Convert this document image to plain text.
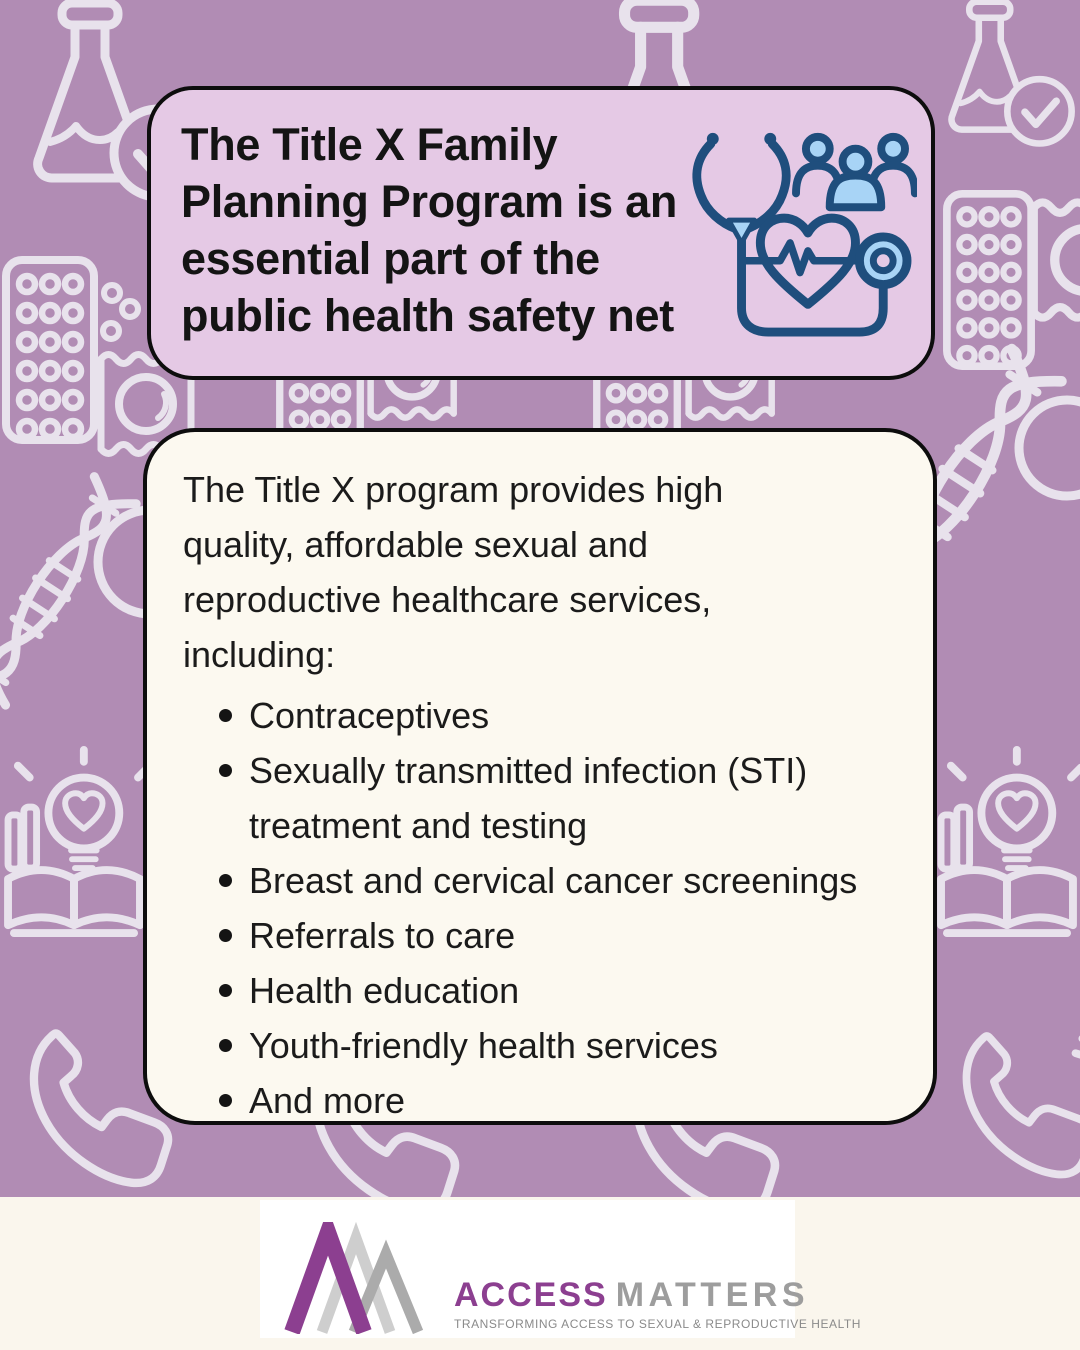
The Title X Family
Planning Program is an
essential part of the
public health safety net
The Title X program provides high
quality, affordable sexual and
reproductive healthcare services,
including:
Contraceptives
Sexually transmitted infection (STI) treatment and testing
Breast and cervical cancer screenings
Referrals to care
Health education
Youth-friendly health services
And more
ACCESS MATTERS
TRANSFORMING ACCESS TO SEXUAL & REPRODUCTIVE HEALTH
